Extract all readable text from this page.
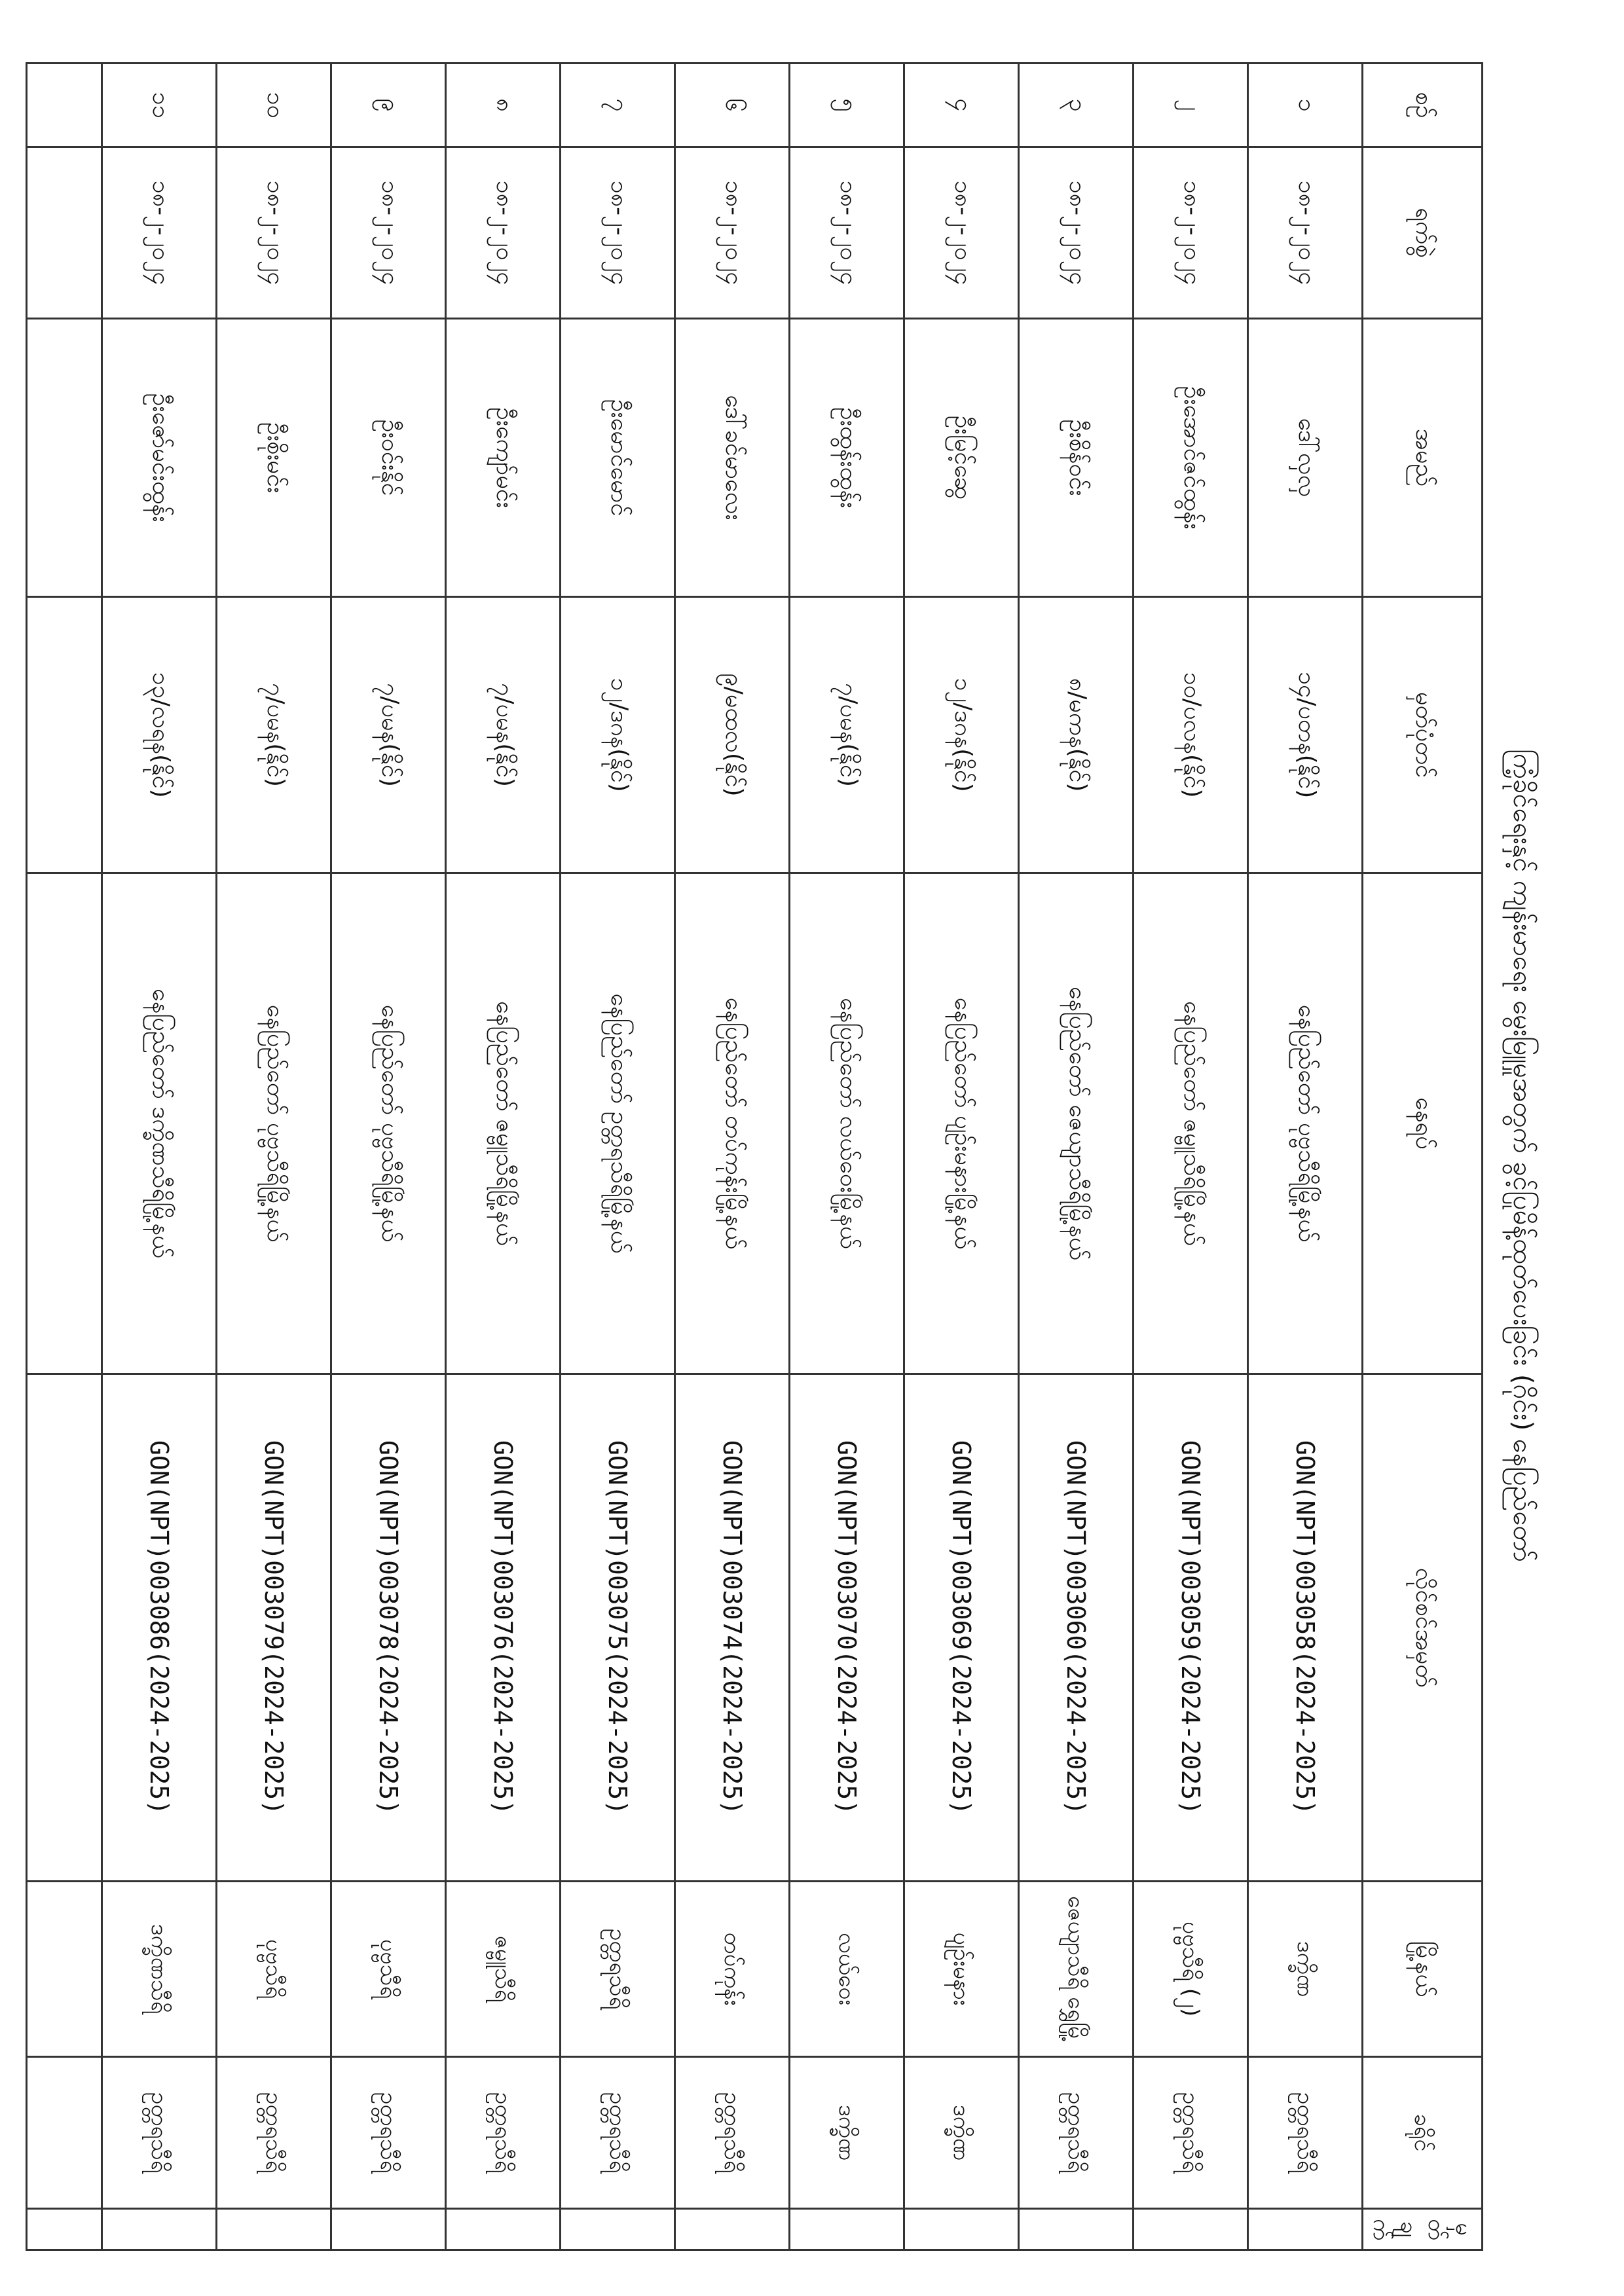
ကြံ့ခိုင်ရေးနှင့် ကျန်းမာရေး မွေးမြူမှုအတွက် ခွင့်ပြုမိန့်ထုတ်ပေးခြင်း (ဂိုင်း) နေပြည်တော်
စဉ်	ရက်စွဲ	အမည်	မှတ်ပုံတင်	နေရပ်	လိုင်စင်အမှတ်	မြို့နယ်	ခရိုင်	မှတ်ချက်
၁	၁၈-၂-၂၀၂၄	ဒေါ်လှလှ	၁၄/ပတန(နိုင်)	နေပြည်တော် ပုဗ္ဗသီရိမြို့နယ်	GON(NPT)003058(2024-2025)	ဒက္ခိဏ	ဥတ္တရသီရိ	
၂	၁၈-၂-၂၀၂၄	ဦးအောင်ဇင်ထွန်း	၁၀/ပလန(နိုင်)	နေပြည်တော် ဇမ္ဗူသီရိမြို့နယ်	GON(NPT)003059(2024-2025)	ပုဗ္ဗသီရိ (၂)	ဥတ္တရသီရိ	
၃	၁၈-၂-၂၀၂၄	ဦးစိန်ဝင်း	၈/မကန(နိုင်)	နေပြည်တော် ဇေယျာသီရိမြို့နယ်	GON(NPT)003060(2024-2025)	ဇေယျာသီရိ ရွှေမြို့	ဥတ္တရသီရိ	
၄	၁၈-၂-၂၀၂၄	ဦးမြင့်ဆွေ	၁၂/ဒဂန(နိုင်)	နေပြည်တော် ပျဉ်းမနားမြို့နယ်	GON(NPT)003069(2024-2025)	ပျဉ်းမနား	ဒက္ခိဏ	
၅	၁၈-၂-၂၀၂၄	ဦးထွန်းထွန်း	၇/ပမန(နိုင်)	နေပြည်တော် လယ်ဝေးမြို့နယ်	GON(NPT)003070(2024-2025)	လယ်ဝေး	ဒက္ခိဏ	
၆	၁၈-၂-၂၀၂၄	ဒေါ်ခင်မာလေး	၉/မထလ(နိုင်)	နေပြည်တော် တပ်ကုန်းမြို့နယ်	GON(NPT)003074(2024-2025)	တပ်ကုန်း	ဥတ္တရသီရိ	
၇	၁၈-၂-၂၀၂၄	ဦးမောင်မောင်	၁၂/ဒဂန(နိုင်)	နေပြည်တော် ဥတ္တရသီရိမြို့နယ်	GON(NPT)003075(2024-2025)	ဥတ္တရသီရိ	ဥတ္တရသီရိ	
၈	၁၈-၂-၂၀၂၄	ဦးကျော်မင်း	၇/ပမန(နိုင်)	နေပြည်တော် ဇမ္ဗူသီရိမြို့နယ်	GON(NPT)003076(2024-2025)	ဇမ္ဗူသီရိ	ဥတ္တရသီရိ	
၉	၁၈-၂-၂၀၂၄	ဦးဝင်းနိုင်	၇/ပမန(နိုင်)	နေပြည်တော် ပုဗ္ဗသီရိမြို့နယ်	GON(NPT)003078(2024-2025)	ပုဗ္ဗသီရိ	ဥတ္တရသီရိ	
၁၀	၁၈-၂-၂၀၂၄	ဦးစိုးမင်း	၇/ပမန(နိုင်)	နေပြည်တော် ပုဗ္ဗသီရိမြို့နယ်	GON(NPT)003079(2024-2025)	ပုဗ္ဗသီရိ	ဥတ္တရသီရိ	
၁၁	၁၈-၂-၂၀၂၄	ဦးဇော်မင်းထွန်း	၁၃/လရန(နိုင်)	နေပြည်တော် ဒက္ခိဏသီရိမြို့နယ်	GON(NPT)003086(2024-2025)	ဒက္ခိဏသီရိ	ဥတ္တရသီရိ	
